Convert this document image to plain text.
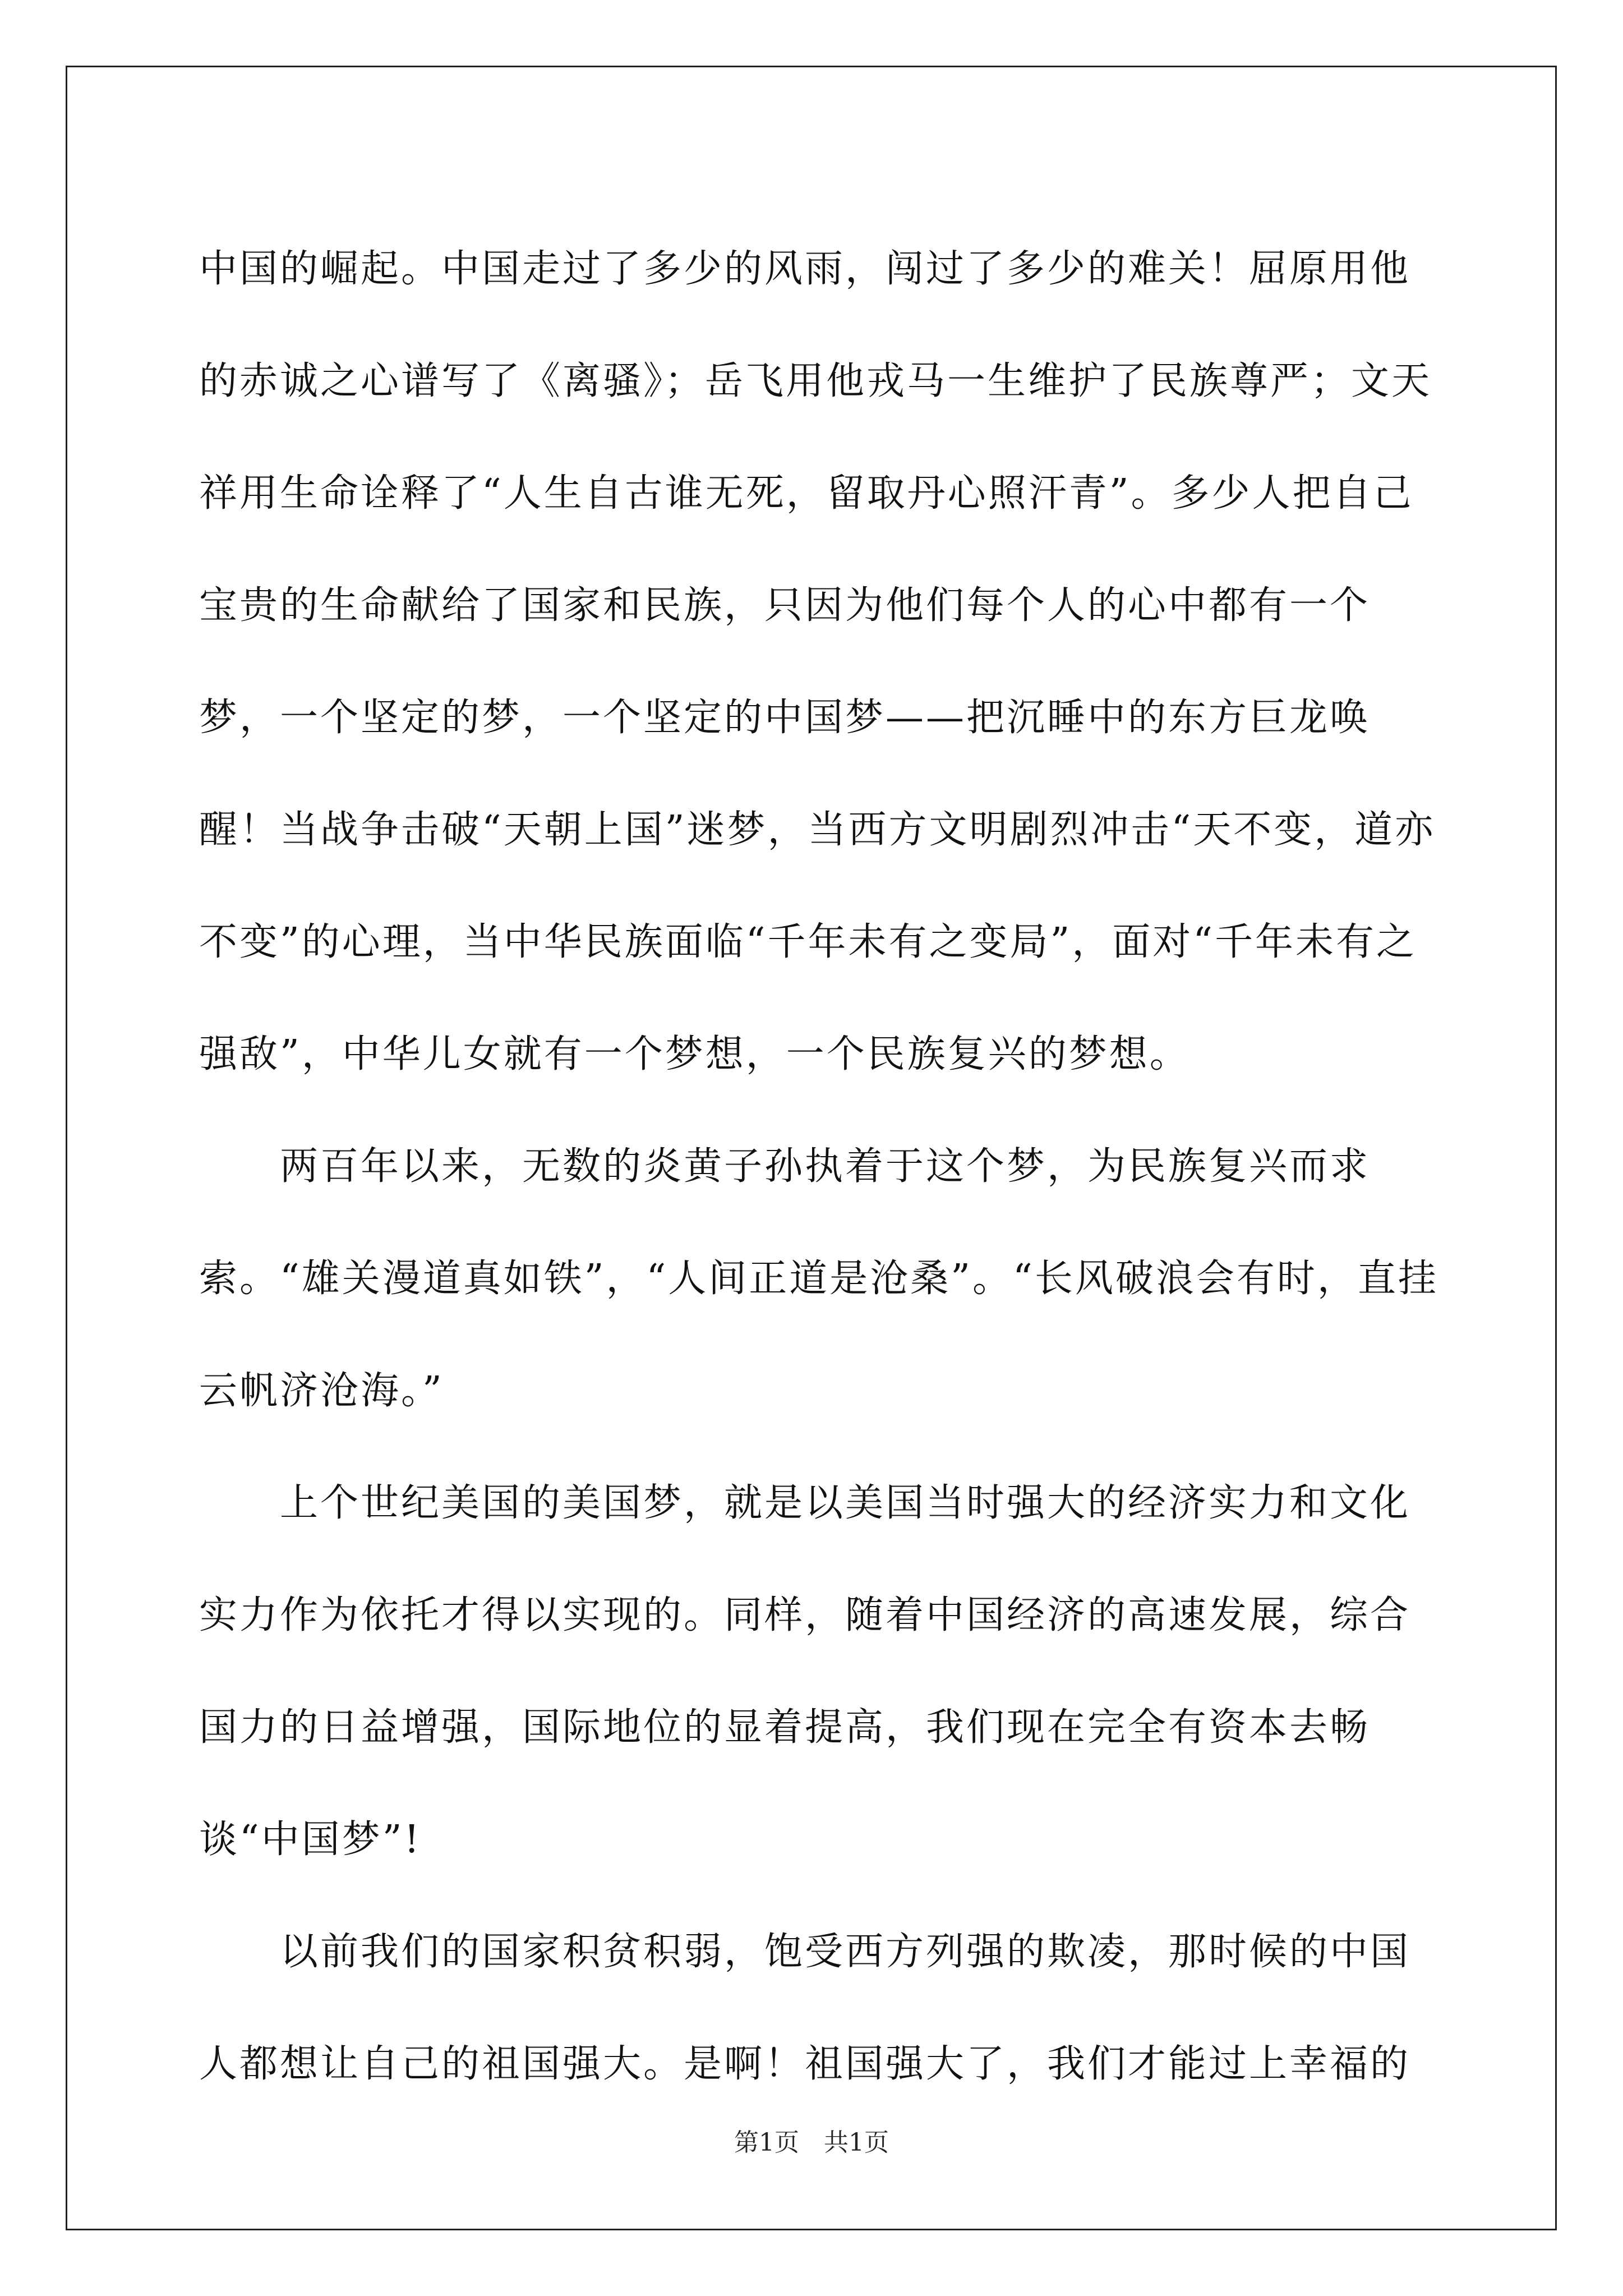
中国的崛起。中国走过了多少的风雨，闯过了多少的难关！屈原用他的赤诚之心谱写了《离骚》；岳飞用他戎马一生维护了民族尊严；文天祥用生命诠释了“人生自古谁无死，留取丹心照汗青”。多少人把自己宝贵的生命献给了国家和民族，只因为他们每个人的心中都有一个梦，一个坚定的梦，一个坚定的中国梦——把沉睡中的东方巨龙唤醒！当战争击破“天朝上国”迷梦，当西方文明剧烈冲击“天不变，道亦不变”的心理，当中华民族面临“千年未有之变局”，面对“千年未有之强敌”，中华儿女就有一个梦想，一个民族复兴的梦想。

两百年以来，无数的炎黄子孙执着于这个梦，为民族复兴而求索。“雄关漫道真如铁”，“人间正道是沧桑”。“长风破浪会有时，直挂云帆济沧海。”

上个世纪美国的美国梦，就是以美国当时强大的经济实力和文化实力作为依托才得以实现的。同样，随着中国经济的高速发展，综合国力的日益增强，国际地位的显着提高，我们现在完全有资本去畅谈“中国梦”!

以前我们的国家积贫积弱，饱受西方列强的欺凌，那时候的中国人都想让自己的祖国强大。是啊！祖国强大了，我们才能过上幸福的

第1页　共1页
